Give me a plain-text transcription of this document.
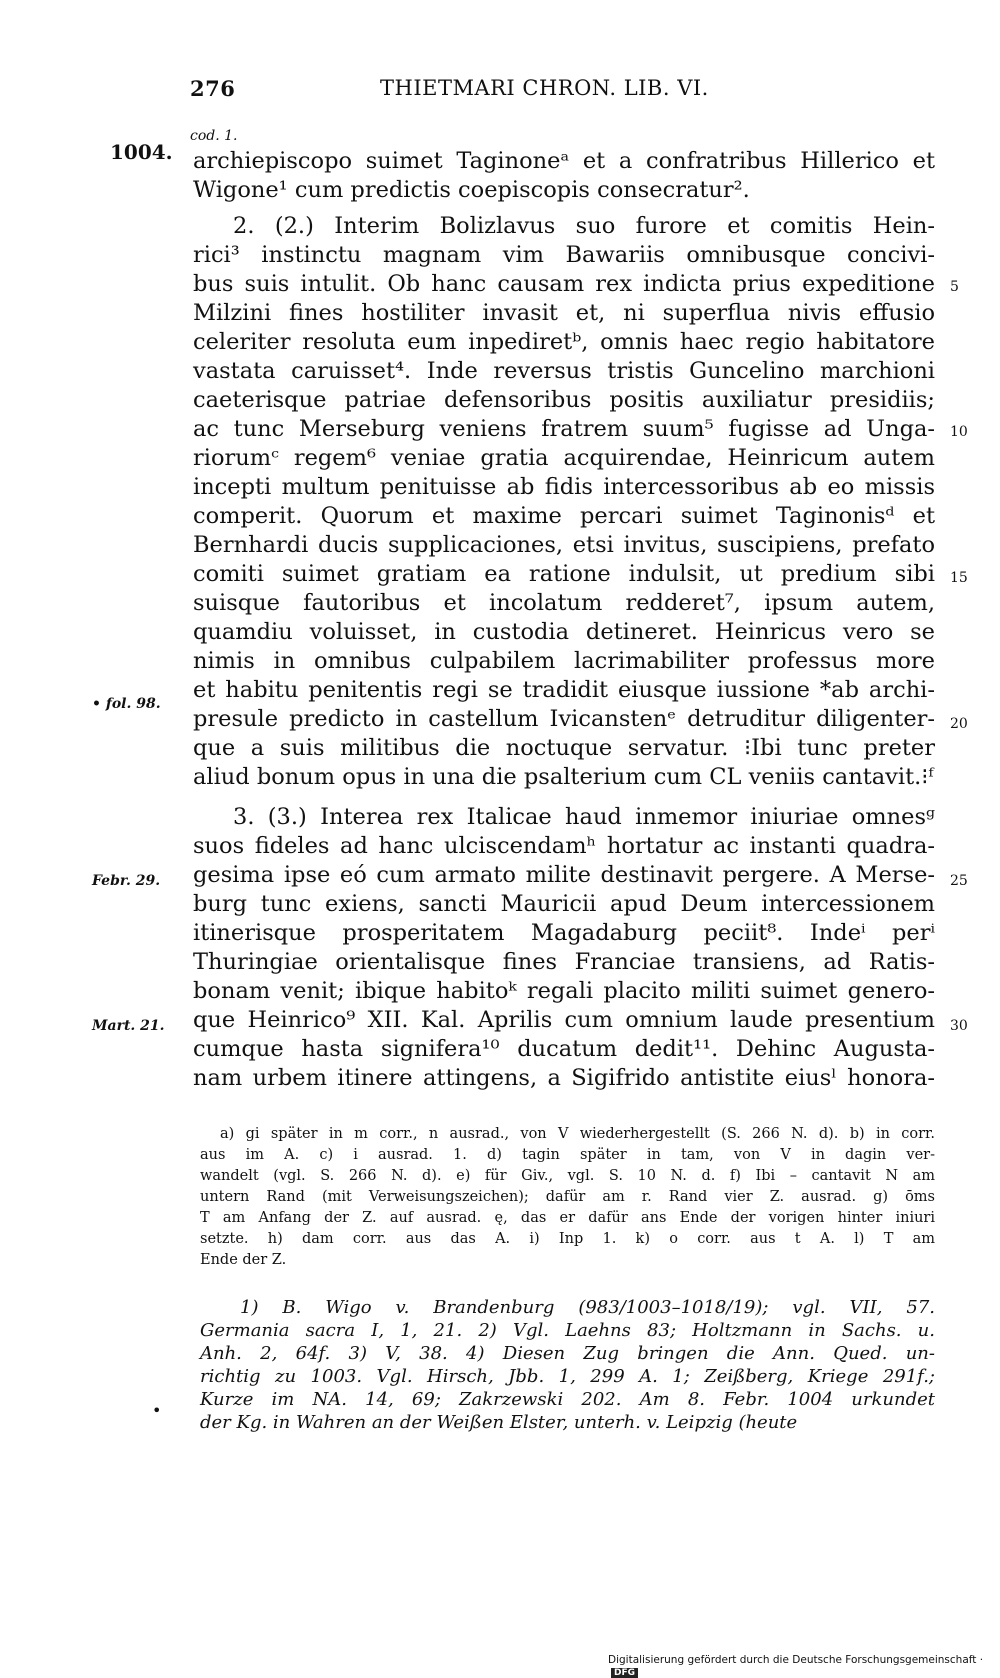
276	THIETMARI CHRON. LIB. VI.
cod. 1.
1004.
• fol. 98.
Febr. 29.
Mart. 21.
5
10
15
20
25
30
archiepiscopo suimet Taginoneᵃ et a confratribus Hillerico et
Wigone¹ cum predictis coepiscopis consecratur².
2. (2.) Interim Bolizlavus suo furore et comitis Hein-
rici³ instinctu magnam vim Bawariis omnibusque concivi-
bus suis intulit. Ob hanc causam rex indicta prius expeditione
Milzini fines hostiliter invasit et, ni superflua nivis effusio
celeriter resoluta eum inpediretᵇ, omnis haec regio habitatore
vastata caruisset⁴. Inde reversus tristis Guncelino marchioni
caeterisque patriae defensoribus positis auxiliatur presidiis;
ac tunc Merseburg veniens fratrem suum⁵ fugisse ad Unga-
riorumᶜ regem⁶ veniae gratia acquirendae, Heinricum autem
incepti multum penituisse ab fidis intercessoribus ab eo missis
comperit. Quorum et maxime percari suimet Taginonisᵈ et
Bernhardi ducis supplicaciones, etsi invitus, suscipiens, prefato
comiti suimet gratiam ea ratione indulsit, ut predium sibi
suisque fautoribus et incolatum redderet⁷, ipsum autem,
quamdiu voluisset, in custodia detineret. Heinricus vero se
nimis in omnibus culpabilem lacrimabiliter professus more
et habitu penitentis regi se tradidit eiusque iussione *ab archi-
presule predicto in castellum Ivicanstenᵉ detruditur diligenter-
que a suis militibus die noctuque servatur. ⁝Ibi tunc preter
aliud bonum opus in una die psalterium cum CL veniis cantavit.⁝ᶠ
3. (3.) Interea rex Italicae haud inmemor iniuriae omnesᵍ
suos fideles ad hanc ulciscendamʰ hortatur ac instanti quadra-
gesima ipse eó cum armato milite destinavit pergere. A Merse-
burg tunc exiens, sancti Mauricii apud Deum intercessionem
itinerisque prosperitatem Magadaburg peciit⁸. Indeⁱ perⁱ
Thuringiae orientalisque fines Franciae transiens, ad Ratis-
bonam venit; ibique habitoᵏ regali placito militi suimet genero-
que Heinrico⁹ XII. Kal. Aprilis cum omnium laude presentium
cumque hasta signifera¹⁰ ducatum dedit¹¹. Dehinc Augusta-
nam urbem itinere attingens, a Sigifrido antistite eiusˡ honora-
a) gi später in m corr., n ausrad., von V wiederhergestellt (S. 266 N. d). b) in corr.
aus im A. c) i ausrad. 1. d) tagin später in tam, von V in dagin ver-
wandelt (vgl. S. 266 N. d). e) für Giv., vgl. S. 10 N. d. f) Ibi – cantavit N am
untern Rand (mit Verweisungszeichen); dafür am r. Rand vier Z. ausrad. g) ōms
T am Anfang der Z. auf ausrad. ę, das er dafür ans Ende der vorigen hinter iniuri
setzte. h) dam corr. aus das A. i) Inp 1. k) o corr. aus t A. l) T am
Ende der Z.
1) B. Wigo v. Brandenburg (983/1003–1018/19); vgl. VII, 57.
Germania sacra I, 1, 21. 2) Vgl. Laehns 83; Holtzmann in Sachs. u.
Anh. 2, 64f. 3) V, 38. 4) Diesen Zug bringen die Ann. Qued. un-
richtig zu 1003. Vgl. Hirsch, Jbb. 1, 299 A. 1; Zeißberg, Kriege 291f.;
Kurze im NA. 14, 69; Zakrzewski 202. Am 8. Febr. 1004 urkundet
der Kg. in Wahren an der Weißen Elster, unterh. v. Leipzig (heute
•
Digitalisierung gefördert durch die Deutsche Forschungsgemeinschaft · DFG
